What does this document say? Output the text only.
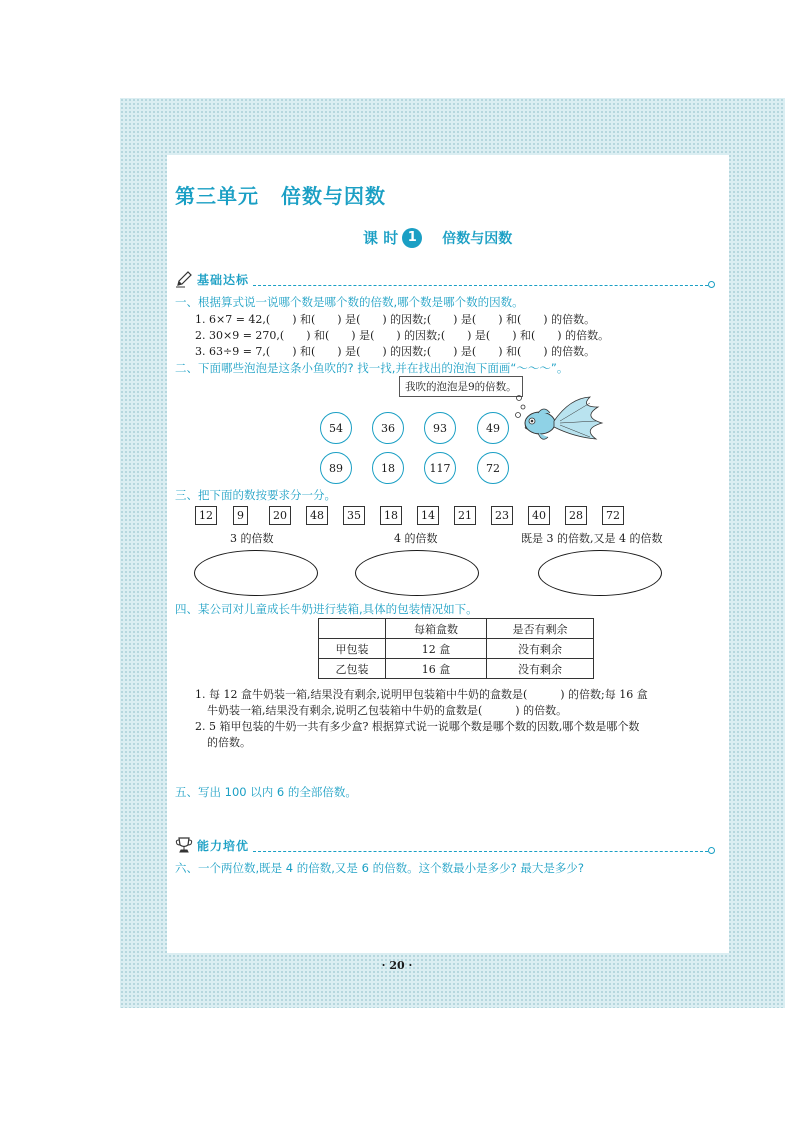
第三单元 倍数与因数
课 时 1	倍数与因数
基础达标
一、根据算式说一说哪个数是哪个数的倍数,哪个数是哪个数的因数。
1. 6×7 = 42,(　　) 和(　　) 是(　　) 的因数;(　　) 是(　　) 和(　　) 的倍数。
2. 30×9 = 270,(　　) 和(　　) 是(　　) 的因数;(　　) 是(　　) 和(　　) 的倍数。
3. 63÷9 = 7,(　　) 和(　　) 是(　　) 的因数;(　　) 是(　　) 和(　　) 的倍数。
二、下面哪些泡泡是这条小鱼吹的? 找一找,并在找出的泡泡下面画“～～～”。
我吹的泡泡是9的倍数。
54	36	93	49
89	18	117	72
三、把下面的数按要求分一分。
12	9	20	48	35	18	14	21	23	40	28	72
3 的倍数	4 的倍数	既是 3 的倍数,又是 4 的倍数
四、某公司对儿童成长牛奶进行装箱,具体的包装情况如下。
	每箱盒数	是否有剩余
甲包装	12 盒	没有剩余
乙包装	16 盒	没有剩余
1. 每 12 盒牛奶装一箱,结果没有剩余,说明甲包装箱中牛奶的盒数是(　　　) 的倍数;每 16 盒
牛奶装一箱,结果没有剩余,说明乙包装箱中牛奶的盒数是(　　　) 的倍数。
2. 5 箱甲包装的牛奶一共有多少盒? 根据算式说一说哪个数是哪个数的因数,哪个数是哪个数
的倍数。
五、写出 100 以内 6 的全部倍数。
能力培优
六、一个两位数,既是 4 的倍数,又是 6 的倍数。这个数最小是多少? 最大是多少?
· 20 ·
